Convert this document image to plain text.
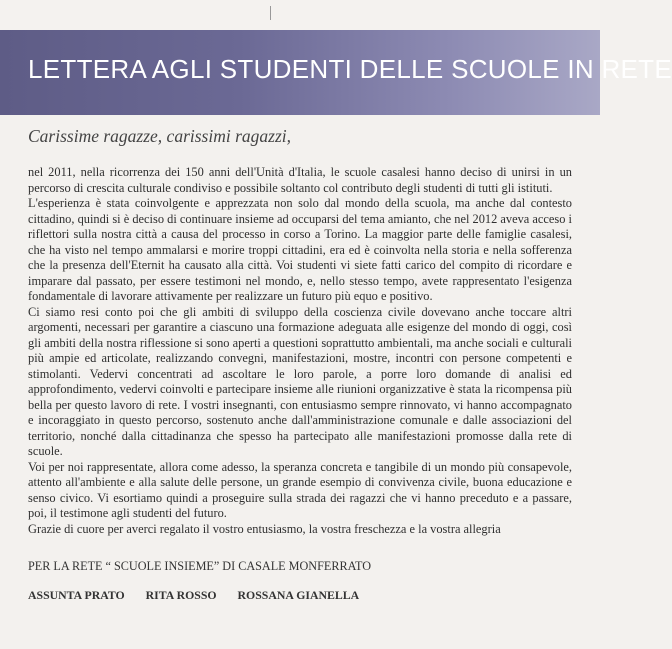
LETTERA AGLI STUDENTI DELLE SCUOLE IN RETE
Carissime ragazze, carissimi ragazzi,

nel 2011, nella ricorrenza dei 150 anni dell'Unità d'Italia, le scuole casalesi hanno deciso di unirsi in un percorso di crescita culturale condiviso e possibile soltanto col contributo degli studenti di tutti gli istituti.

L'esperienza è stata coinvolgente e apprezzata non solo dal mondo della scuola, ma anche dal contesto cittadino, quindi si è deciso di continuare insieme ad occuparsi del tema amianto, che nel 2012 aveva acceso i riflettori sulla nostra città a causa del processo in corso a Torino. La maggior parte delle famiglie casalesi, che ha visto nel tempo ammalarsi e morire troppi cittadini, era ed è coinvolta nella storia e nella sofferenza che la presenza dell'Eternit ha causato alla città. Voi studenti vi siete fatti carico del compito di ricordare e imparare dal passato, per essere testimoni nel mondo, e, nello stesso tempo, avete rappresentato l'esigenza fondamentale di lavorare attivamente per realizzare un futuro più equo e positivo.

Ci siamo resi conto poi che gli ambiti di sviluppo della coscienza civile dovevano anche toccare altri argomenti, necessari per garantire a ciascuno una formazione adeguata alle esigenze del mondo di oggi, così gli ambiti della nostra riflessione si sono aperti a questioni soprattutto ambientali, ma anche sociali e culturali più ampie ed articolate, realizzando convegni, manifestazioni, mostre, incontri con persone competenti e stimolanti. Vedervi concentrati ad ascoltare le loro parole, a porre loro domande di analisi ed approfondimento, vedervi coinvolti e partecipare insieme alle riunioni organizzative è stata la ricompensa più bella per questo lavoro di rete. I vostri insegnanti, con entusiasmo sempre rinnovato, vi hanno accompagnato e incoraggiato in questo percorso, sostenuto anche dall'amministrazione comunale e dalle associazioni del territorio, nonché dalla cittadinanza che spesso ha partecipato alle manifestazioni promosse dalla rete di scuole.

Voi per noi rappresentate, allora come adesso, la speranza concreta e tangibile di un mondo più consapevole, attento all'ambiente e alla salute delle persone, un grande esempio di convivenza civile, buona educazione e senso civico. Vi esortiamo quindi a proseguire sulla strada dei ragazzi che vi hanno preceduto e a passare, poi, il testimone agli studenti del futuro.

Grazie di cuore per averci regalato il vostro entusiasmo, la vostra freschezza e la vostra allegria

PER LA RETE “ SCUOLE INSIEME” DI CASALE MONFERRATO
ASSUNTA PRATO RITA ROSSO ROSSANA GIANELLA
